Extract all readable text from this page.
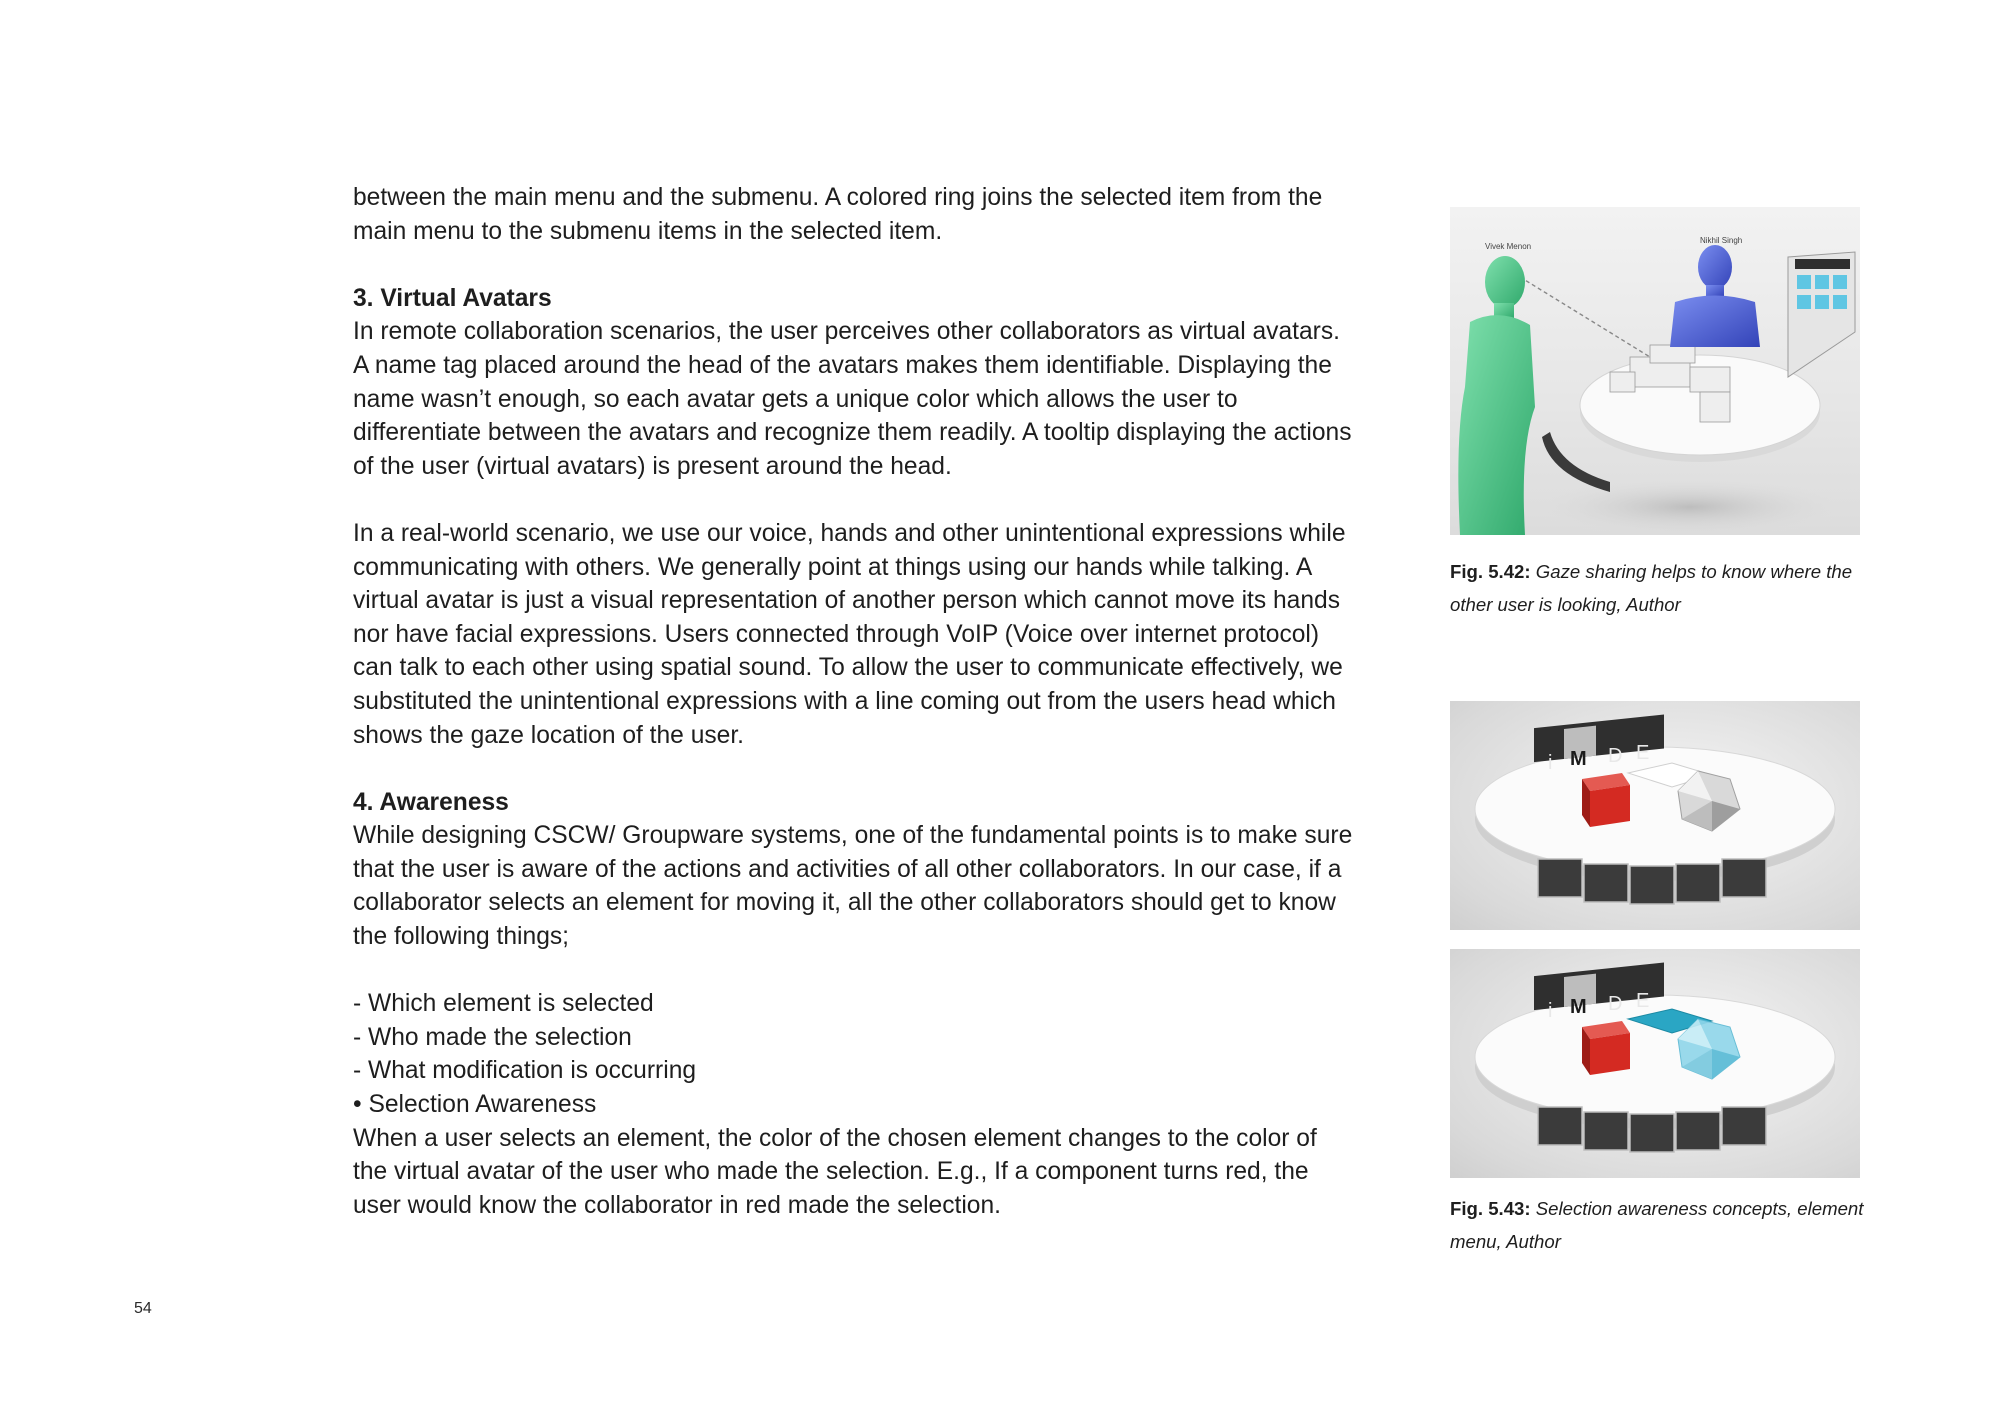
between the main menu and the submenu. A colored ring joins the selected item from the main menu to the submenu items in the selected item.

3. Virtual Avatars

In remote collaboration scenarios, the user perceives other collaborators as virtual avatars. A name tag placed around the head of the avatars makes them identifiable. Displaying the name wasn’t enough, so each avatar gets a unique color which allows the user to differentiate between the avatars and recognize them readily. A tooltip displaying the actions of the user (virtual avatars) is present around the head.

In a real-world scenario, we use our voice, hands and other unintentional expressions while communicating with others. We generally point at things using our hands while talking. A virtual avatar is just a visual representation of another person which cannot move its hands nor have facial expressions. Users connected through VoIP (Voice over internet protocol) can talk to each other using spatial sound. To allow the user to communicate effectively, we substituted the unintentional expressions with a line coming out from the users head which shows the gaze location of the user.

4. Awareness

While designing CSCW/ Groupware systems, one of the fundamental points is to make sure that the user is aware of the actions and activities of all other collaborators. In our case, if a collaborator selects an element for moving it, all the other collaborators should get to know the following things;

- Which element is selected
- Who made the selection
- What modification is occurring

• Selection Awareness

When a user selects an element, the color of the chosen element changes to the color of the virtual avatar of the user who made the selection. E.g., If a component turns red, the user would know the collaborator in red made the selection.

54
Vivek Menon
Nikhil Singh
Fig. 5.42: Gaze sharing helps to know where the other user is looking, Author
i M D E
i M D E
Fig. 5.43: Selection awareness concepts, element menu, Author
